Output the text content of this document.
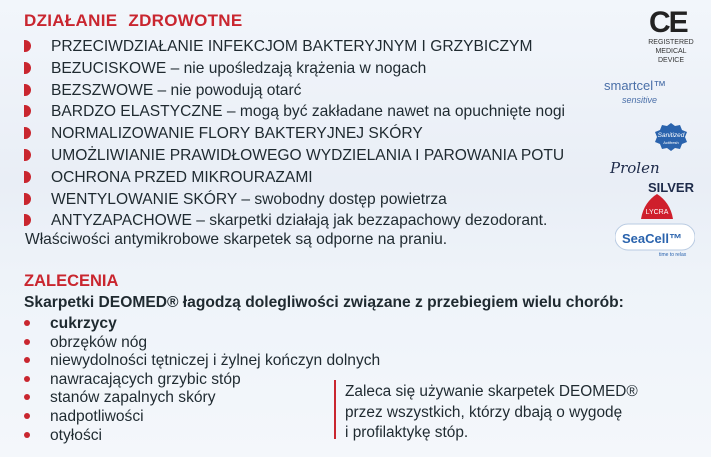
DZIAŁANIE ZDROWOTNE
PRZECIWDZIAŁANIE INFEKCJOM BAKTERYJNYM I GRZYBICZYM
BEZUCISKOWE – nie upośledzają krążenia w nogach
BEZSZWOWE – nie powodują otarć
BARDZO ELASTYCZNE – mogą być zakładane nawet na opuchnięte nogi
NORMALIZOWANIE FLORY BAKTERYJNEJ SKÓRY
UMOŻLIWIANIE PRAWIDŁOWEGO WYDZIELANIA I PAROWANIA POTU
OCHRONA PRZED MIKROURAZAMI
WENTYLOWANIE SKÓRY – swobodny dostęp powietrza
ANTYZAPACHOWE – skarpetki działają jak bezzapachowy dezodorant.
Właściwości antymikrobowe skarpetek są odporne na praniu.
ZALECENIA
Skarpetki DEOMED® łagodzą dolegliwości związane z przebiegiem wielu chorób:
cukrzycy
obrzęków nóg
niewydolności tętniczej i żylnej kończyn dolnych
nawracających grzybic stóp
stanów zapalnych skóry
nadpotliwości
otyłości
Zaleca się używanie skarpetek DEOMED®
przez wszystkich, którzy dbają o wygodę
i profilaktykę stóp.
CE
REGISTERED
MEDICAL
DEVICE
smartcel™
sensitive
Sanitized
Actifresh
Prolen
SILVER
LYCRA
SeaCell™
time to relax
